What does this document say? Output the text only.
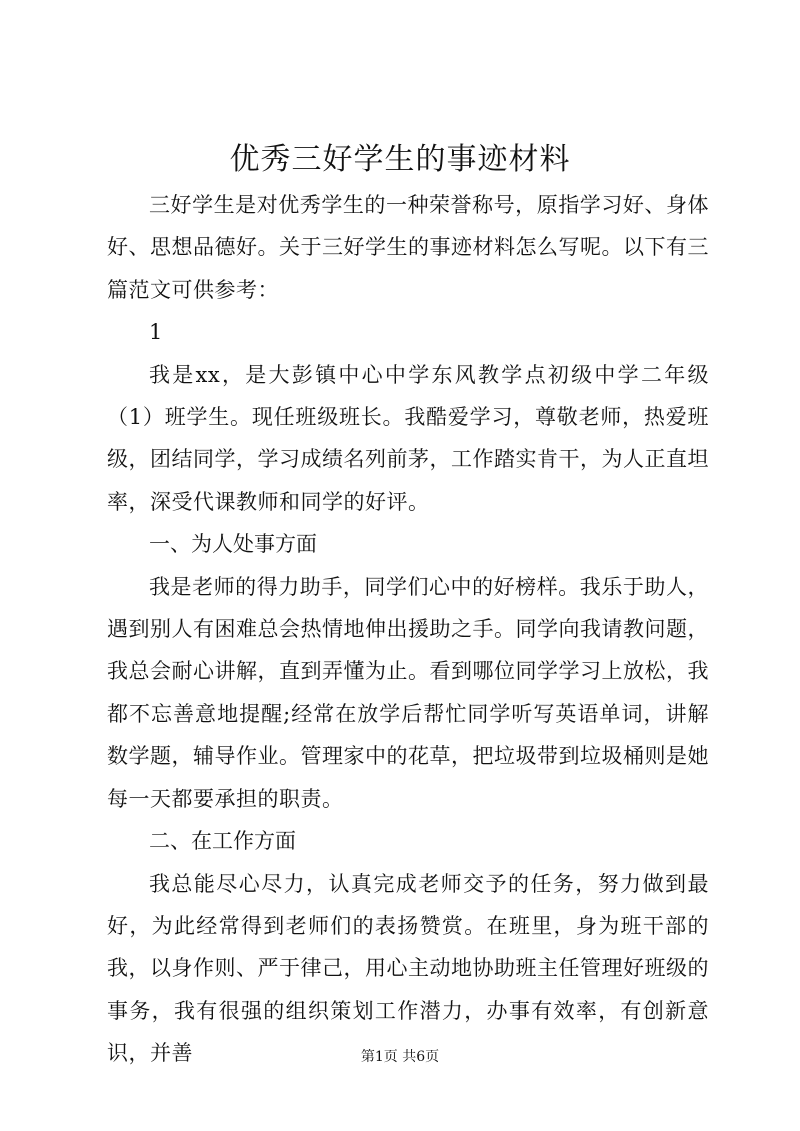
优秀三好学生的事迹材料

三好学生是对优秀学生的一种荣誉称号，原指学习好、身体好、思想品德好。关于三好学生的事迹材料怎么写呢。以下有三篇范文可供参考：

1

我是xx，是大彭镇中心中学东风教学点初级中学二年级（1）班学生。现任班级班长。我酷爱学习，尊敬老师，热爱班级，团结同学，学习成绩名列前茅，工作踏实肯干，为人正直坦率，深受代课教师和同学的好评。

一、为人处事方面

我是老师的得力助手，同学们心中的好榜样。我乐于助人，遇到别人有困难总会热情地伸出援助之手。同学向我请教问题，我总会耐心讲解，直到弄懂为止。看到哪位同学学习上放松，我都不忘善意地提醒;经常在放学后帮忙同学听写英语单词，讲解数学题，辅导作业。管理家中的花草，把垃圾带到垃圾桶则是她每一天都要承担的职责。

二、在工作方面

我总能尽心尽力，认真完成老师交予的任务，努力做到最好，为此经常得到老师们的表扬赞赏。在班里，身为班干部的我，以身作则、严于律己，用心主动地协助班主任管理好班级的事务，我有很强的组织策划工作潜力，办事有效率，有创新意识，并善	第1页 共6页
